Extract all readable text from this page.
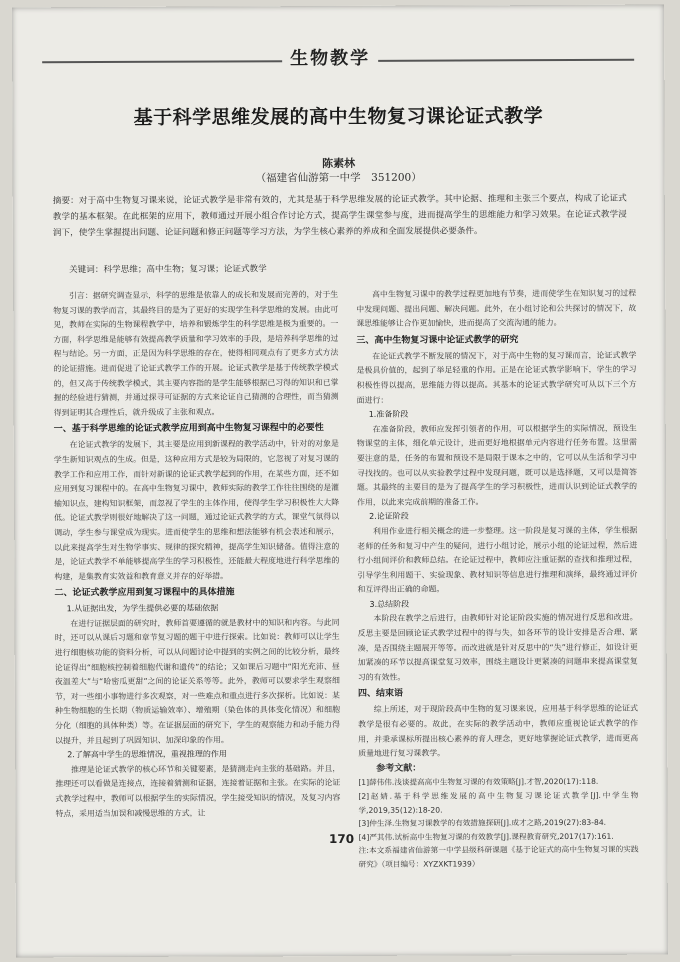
生物教学
基于科学思维发展的高中生物复习课论证式教学
陈素林
（福建省仙游第一中学　351200）
摘要：对于高中生物复习课来说，论证式教学是非常有效的，尤其是基于科学思维发展的论证式教学。其中论据、推理和主张三个要点，构成了论证式教学的基本框架。在此框架的应用下，教师通过开展小组合作讨论方式，提高学生课堂参与度，进而提高学生的思维能力和学习效果。在论证式教学浸润下，使学生掌握提出问题、论证问题和修正问题等学习方法，为学生核心素养的养成和全面发展提供必要条件。
关键词：科学思维；高中生物；复习课；论证式教学

引言：据研究调查显示，科学的思维是依靠人的成长和发展而完善的，对于生物复习课的教学而言，其最终目的是为了更好的实现学生科学思维的发展。由此可见，教师在实际的生物课程教学中，培养和锻炼学生的科学思维是极为重要的。一方面，科学思维是能够有效提高教学质量和学习效率的手段，是培养科学思维的过程与结论。另一方面，正是因为科学思维的存在，使得相同观点有了更多方式方法的论证措施。进而促进了论证式教学工作的开展。论证式教学是基于传统教学模式的，但又高于传统教学模式，其主要内容指的是学生能够根据已习得的知识和已掌握的经验进行猜测，并通过探寻可证据的方式来论证自己猜测的合理性，而当猜测得到证明其合理性后，就升级成了主张和观点。

一、基于科学思维的论证式教学应用到高中生物复习课程中的必要性

在论证式教学的发展下，其主要是应用到新课程的教学活动中，针对的对象是学生新知识观点的生成。但是，这种应用方式是较为局限的，它忽视了对复习课的教学工作和应用工作，而针对新课的论证式教学起到的作用，在某些方面，还不如应用到复习课程中的。在高中生物复习课中，教师实际的教学工作往往围绕的是灌输知识点，建构知识框架，而忽视了学生的主体作用，使得学生学习积极性大大降低。论证式教学则很好地解决了这一问题，通过论证式教学的方式，课堂气氛得以调动，学生参与课堂成为现实。进而使学生的思维和想法能够有机会表述和展示，以此来提高学生对生物学事实、规律的探究精神，提高学生知识储备。值得注意的是，论证式教学不单能够提高学生的学习积极性，还能最大程度地进行科学思维的构建，是集教育实效益和教育意义并存的好举措。

二、论证式教学应用到复习课程中的具体措施
1.从证据出发，为学生提供必要的基础依据

在进行证据层面的研究时，教师首要遵循的就是教材中的知识和内容。与此同时，还可以从课后习题和章节复习题的题干中进行探索。比如说：教师可以让学生进行细胞核功能的资料分析，可以从问题讨论中提到的实例之间的比较分析，最终论证得出“细胞核控制着细胞代谢和遗传”的结论；又如课后习题中“阳光充沛、昼夜温差大”与“哈密瓜更甜”之间的论证关系等等。此外，教师可以要求学生观察细节，对一些细小事物进行多次观察，对一些难点和重点进行多次探析。比如说：某种生物细胞的生长期（物质运输效率）、增殖期（染色体的具体变化情况）和细胞分化（细胞的具体种类）等。在证据层面的研究下，学生的观察能力和动手能力得以提升，并且起到了巩固知识、加深印象的作用。

2.了解高中学生的思维情况，重视推理的作用

推理是论证式教学的核心环节和关键要素，是猜测走向主张的基础路。并且，推理还可以看做是连接点，连接着猜测和证据，连接着证据和主张。在实际的论证式教学过程中，教师可以根据学生的实际情况，学生接受知识的情况，及复习内容特点，采用适当加误和减慢思维的方式，让

高中生物复习课中的教学过程更加地有节奏，进而使学生在知识复习的过程中发现问题、提出问题、解决问题。此外，在小组讨论和公共探讨的情况下，故课思维能够让合作更加愉快，进而提高了交流沟通的能力。

三、高中生物复习课中论证式教学的研究

在论证式教学不断发展的情况下，对于高中生物的复习课而言，论证式教学是极具价值的，起到了举足轻重的作用。正是在论证式教学影响下，学生的学习积极性得以提高，思维能力得以提高。其基本的论证式教学研究可从以下三个方面进行：

1.准备阶段

在准备阶段，教师应发挥引领者的作用，可以根据学生的实际情况，预设生物课堂的主体，细化单元设计，进而更好地根据单元内容进行任务布置。这里需要注意的是，任务的布置和预设不是局限于课本之中的，它可以从生活和学习中寻找找的。也可以从实验教学过程中发现问题，既可以是选择题，又可以是简答题。其最终的主要目的是为了提高学生的学习积极性，进而认识到论证式教学的作用，以此来完成前期的准备工作。

2.论证阶段

利用作业进行相关概念的进一步整理。这一阶段是复习课的主体，学生根据老师的任务和复习中产生的疑问，进行小组讨论，展示小组的论证过程，然后进行小组间评价和教师总结。在论证过程中，教师应注重证据的查找和推理过程，引导学生利用题干、实验现象、教材知识等信息进行推理和演绎，最终通过评价和互评得出正确的命题。

3.总结阶段

本阶段在教学之后进行，由教师针对论证阶段实施的情况进行反思和改进。反思主要是回顾论证式教学过程中的得与失，如各环节的设计安排是否合理、紧凑，是否围绕主题展开等等。而改进就是针对反思中的“失”进行修正，如设计更加紧凑的环节以提高课堂复习效率，围绕主题设计更紧凑的问题串来提高课堂复习的有效性。

四、结束语

综上所述，对于现阶段高中生物的复习课来说，应用基于科学思维的论证式教学是很有必要的。故此，在实际的教学活动中，教师应重视论证式教学的作用，并秉承课标所提出核心素养的育人理念，更好地掌握论证式教学，进而更高质量地进行复习课教学。

参考文献：

[1]薛伟伟.浅谈提高高中生物复习课的有效策略[J].才智,2020(17):118.

[2]赵婧.基于科学思维发展的高中生物复习课论证式教学[J].中学生物学,2019,35(12):18-20.

[3]仲生泽.生物复习课教学的有效措施探研[J].成才之路,2019(27):83-84.

[4]严其伟.试析高中生物复习课的有效教学[J].课程教育研究,2017(17):161.

注:本文系福建省仙游第一中学县级科研课题《基于论证式的高中生物复习课的实践研究》（项目编号：XYZXKT1939）

170
